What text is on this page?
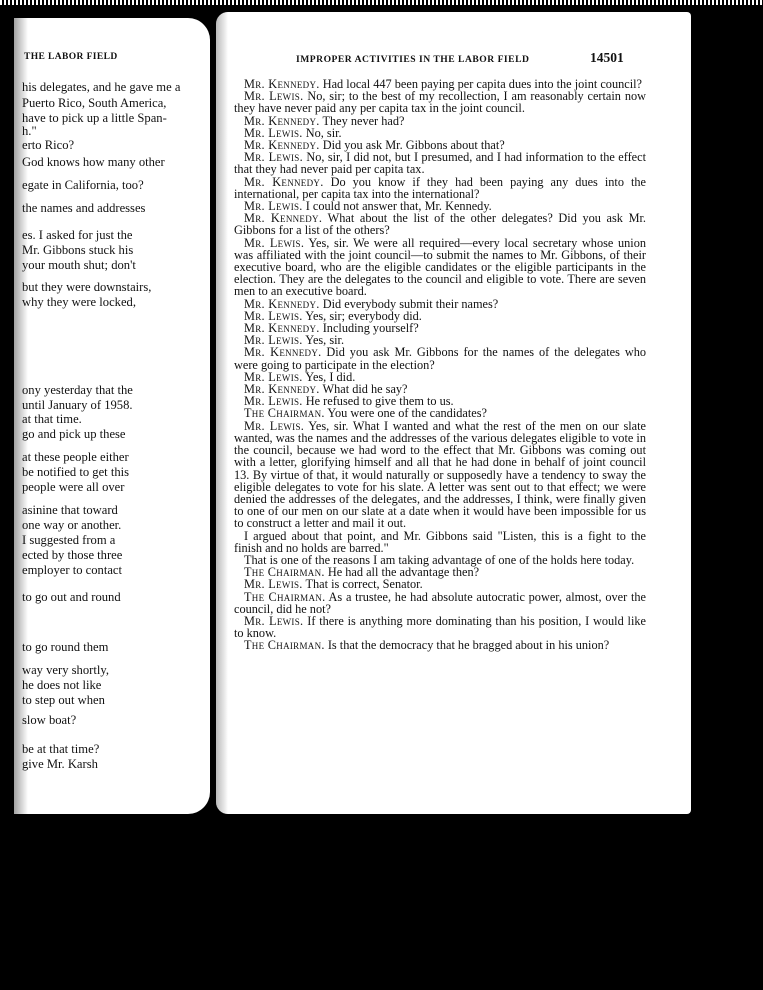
THE LABOR FIELD
his delegates, and he gave me a
Puerto Rico, South America,
have to pick up a little Span-
h."
erto Rico?
God knows how many other
egate in California, too?
the names and addresses
es. I asked for just the
Mr. Gibbons stuck his
your mouth shut; don't
but they were downstairs,
why they were locked,
ony yesterday that the
until January of 1958.
at that time.
go and pick up these
at these people either
be notified to get this
people were all over
asinine that toward
one way or another.
I suggested from a
ected by those three
employer to contact
to go out and round
to go round them
way very shortly,
he does not like
to step out when
slow boat?
be at that time?
give Mr. Karsh
IMPROPER ACTIVITIES IN THE LABOR FIELD	14501

Mr. Kennedy. Had local 447 been paying per capita dues into the joint council?

Mr. Lewis. No, sir; to the best of my recollection, I am reasonably certain now they have never paid any per capita tax in the joint council.

Mr. Kennedy. They never had?

Mr. Lewis. No, sir.

Mr. Kennedy. Did you ask Mr. Gibbons about that?

Mr. Lewis. No, sir, I did not, but I presumed, and I had information to the effect that they had never paid per capita tax.

Mr. Kennedy. Do you know if they had been paying any dues into the international, per capita tax into the international?

Mr. Lewis. I could not answer that, Mr. Kennedy.

Mr. Kennedy. What about the list of the other delegates? Did you ask Mr. Gibbons for a list of the others?

Mr. Lewis. Yes, sir. We were all required—every local secretary whose union was affiliated with the joint council—to submit the names to Mr. Gibbons, of their executive board, who are the eligible candidates or the eligible participants in the election. They are the delegates to the council and eligible to vote. There are seven men to an executive board.

Mr. Kennedy. Did everybody submit their names?

Mr. Lewis. Yes, sir; everybody did.

Mr. Kennedy. Including yourself?

Mr. Lewis. Yes, sir.

Mr. Kennedy. Did you ask Mr. Gibbons for the names of the delegates who were going to participate in the election?

Mr. Lewis. Yes, I did.

Mr. Kennedy. What did he say?

Mr. Lewis. He refused to give them to us.

The Chairman. You were one of the candidates?

Mr. Lewis. Yes, sir. What I wanted and what the rest of the men on our slate wanted, was the names and the addresses of the various delegates eligible to vote in the council, because we had word to the effect that Mr. Gibbons was coming out with a letter, glorifying himself and all that he had done in behalf of joint council 13. By virtue of that, it would naturally or supposedly have a tendency to sway the eligible delegates to vote for his slate. A letter was sent out to that effect; we were denied the addresses of the delegates, and the addresses, I think, were finally given to one of our men on our slate at a date when it would have been impossible for us to construct a letter and mail it out.

I argued about that point, and Mr. Gibbons said "Listen, this is a fight to the finish and no holds are barred."

That is one of the reasons I am taking advantage of one of the holds here today.

The Chairman. He had all the advantage then?

Mr. Lewis. That is correct, Senator.

The Chairman. As a trustee, he had absolute autocratic power, almost, over the council, did he not?

Mr. Lewis. If there is anything more dominating than his position, I would like to know.

The Chairman. Is that the democracy that he bragged about in his union?
